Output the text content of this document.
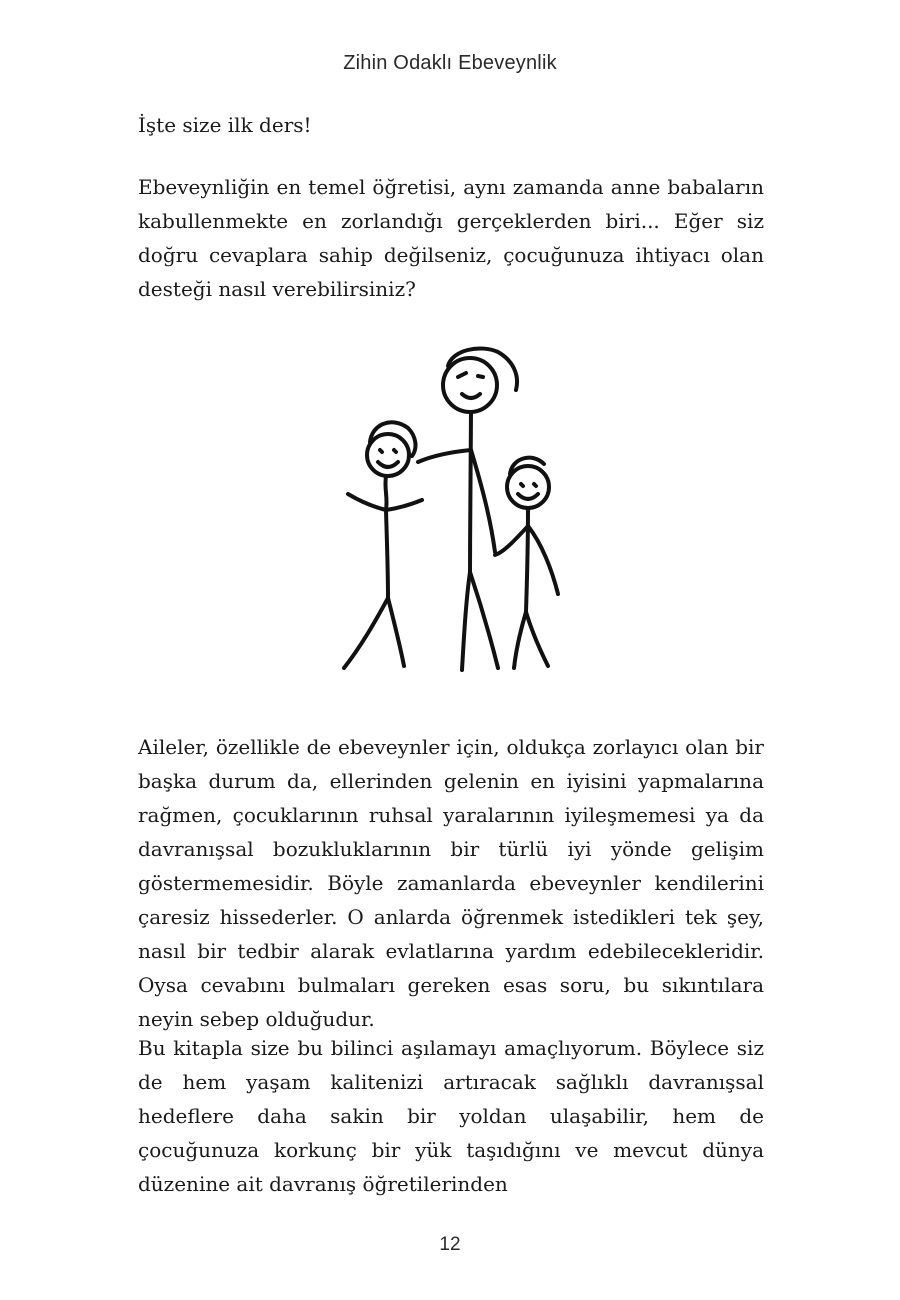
Zihin Odaklı Ebeveynlik

İşte size ilk ders!

Ebeveynliğin en temel öğretisi, aynı zamanda anne babaların kabullenmekte en zorlandığı gerçeklerden biri... Eğer siz doğru cevaplara sahip değilseniz, çocuğunuza ihtiyacı olan desteği nasıl verebilirsiniz?

Aileler, özellikle de ebeveynler için, oldukça zorlayıcı olan bir başka durum da, ellerinden gelenin en iyisini yapmalarına rağmen, çocuklarının ruhsal yaralarının iyileşmemesi ya da davranışsal bozukluklarının bir türlü iyi yönde gelişim göstermemesidir. Böyle zamanlarda ebeveynler kendilerini çaresiz hissederler. O anlarda öğrenmek istedikleri tek şey, nasıl bir tedbir alarak evlatlarına yardım edebilecekleridir. Oysa cevabını bulmaları gereken esas soru, bu sıkıntılara neyin sebep olduğudur.

Bu kitapla size bu bilinci aşılamayı amaçlıyorum. Böylece siz de hem yaşam kalitenizi artıracak sağlıklı davranışsal hedeflere daha sakin bir yoldan ulaşabilir, hem de çocuğunuza korkunç bir yük taşıdığını ve mevcut dünya düzenine ait davranış öğretilerinden

12
